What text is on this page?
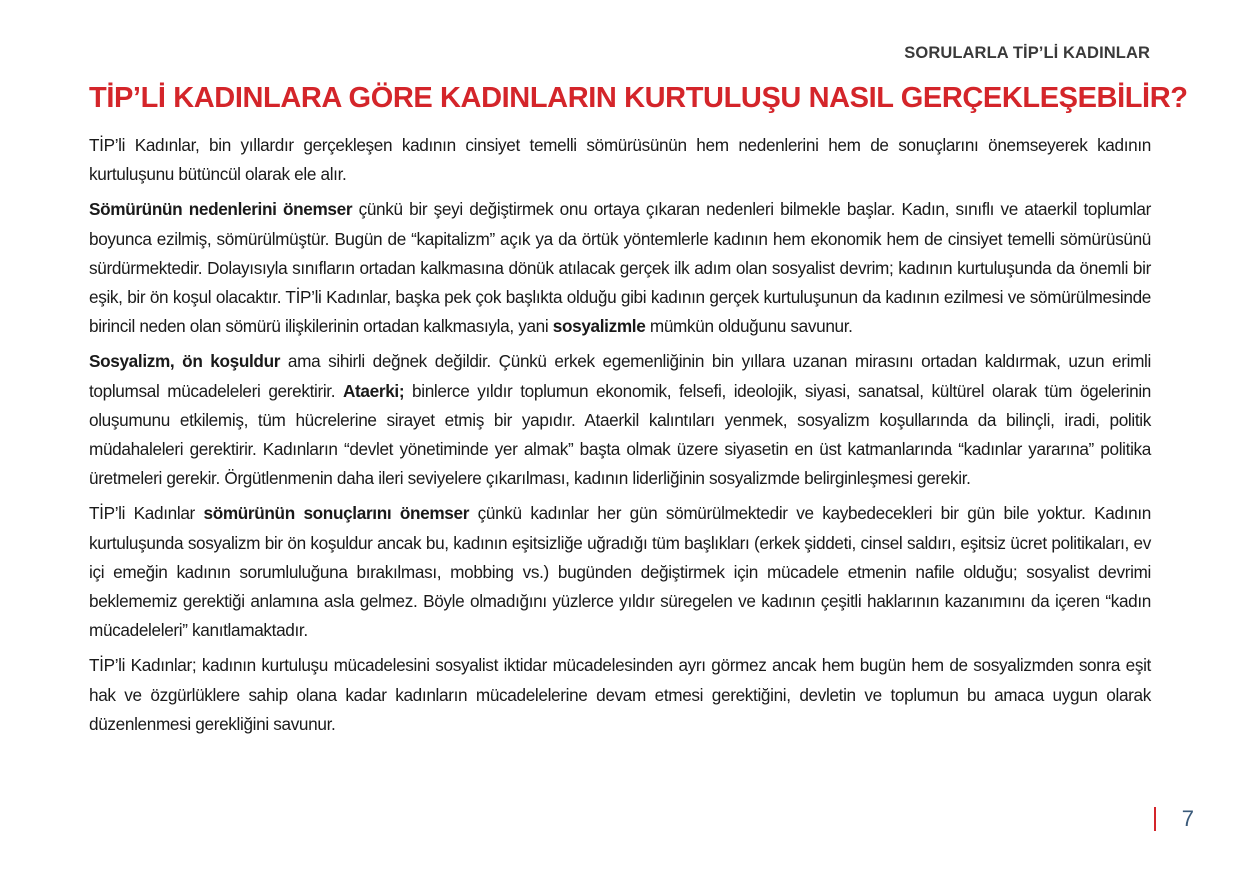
SORULARLA TİP’Lİ KADINLAR
TİP’Lİ KADINLARA GÖRE KADINLARIN KURTULUŞU NASIL GERÇEKLEŞEBİLİR?

TİP’li Kadınlar, bin yıllardır gerçekleşen kadının cinsiyet temelli sömürüsünün hem nedenlerini hem de sonuçlarını önemseyerek kadının kurtuluşunu bütüncül olarak ele alır.

Sömürünün nedenlerini önemser çünkü bir şeyi değiştirmek onu ortaya çıkaran nedenleri bilmekle başlar. Kadın, sınıflı ve ataerkil toplumlar boyunca ezilmiş, sömürülmüştür. Bugün de “kapitalizm” açık ya da örtük yöntemlerle kadının hem ekonomik hem de cinsiyet temelli sömürüsünü sürdürmektedir. Dolayısıyla sınıfların ortadan kalkmasına dönük atılacak gerçek ilk adım olan sosyalist devrim; kadının kurtuluşunda da önemli bir eşik, bir ön koşul olacaktır. TİP’li Kadınlar, başka pek çok başlıkta olduğu gibi kadının gerçek kurtuluşunun da kadının ezilmesi ve sömürülmesinde birincil neden olan sömürü ilişkilerinin ortadan kalkmasıyla, yani sosyalizmle mümkün olduğunu savunur.

Sosyalizm, ön koşuldur ama sihirli değnek değildir. Çünkü erkek egemenliğinin bin yıllara uzanan mirasını ortadan kaldırmak, uzun erimli toplumsal mücadeleleri gerektirir. Ataerki; binlerce yıldır toplumun ekonomik, felsefi, ideolojik, siyasi, sanatsal, kültürel olarak tüm ögelerinin oluşumunu etkilemiş, tüm hücrelerine sirayet etmiş bir yapıdır. Ataerkil kalıntıları yenmek, sosyalizm koşullarında da bilinçli, iradi, politik müdahaleleri gerektirir. Kadınların “devlet yönetiminde yer almak” başta olmak üzere siyasetin en üst katmanlarında “kadınlar yararına” politika üretmeleri gerekir. Örgütlenmenin daha ileri seviyelere çıkarılması, kadının liderliğinin sosyalizmde belirginleşmesi gerekir.

TİP’li Kadınlar sömürünün sonuçlarını önemser çünkü kadınlar her gün sömürülmektedir ve kaybedecekleri bir gün bile yoktur. Kadının kurtuluşunda sosyalizm bir ön koşuldur ancak bu, kadının eşitsizliğe uğradığı tüm başlıkları (erkek şiddeti, cinsel saldırı, eşitsiz ücret politikaları, ev içi emeğin kadının sorumluluğuna bırakılması, mobbing vs.) bugünden değiştirmek için mücadele etmenin nafile olduğu; sosyalist devrimi beklememiz gerektiği anlamına asla gelmez. Böyle olmadığını yüzlerce yıldır süregelen ve kadının çeşitli haklarının kazanımını da içeren “kadın mücadeleleri” kanıtlamaktadır.

TİP’li Kadınlar; kadının kurtuluşu mücadelesini sosyalist iktidar mücadelesinden ayrı görmez ancak hem bugün hem de sosyalizmden sonra eşit hak ve özgürlüklere sahip olana kadar kadınların mücadelelerine devam etmesi gerektiğini, devletin ve toplumun bu amaca uygun olarak düzenlenmesi gerekliğini savunur.

7
